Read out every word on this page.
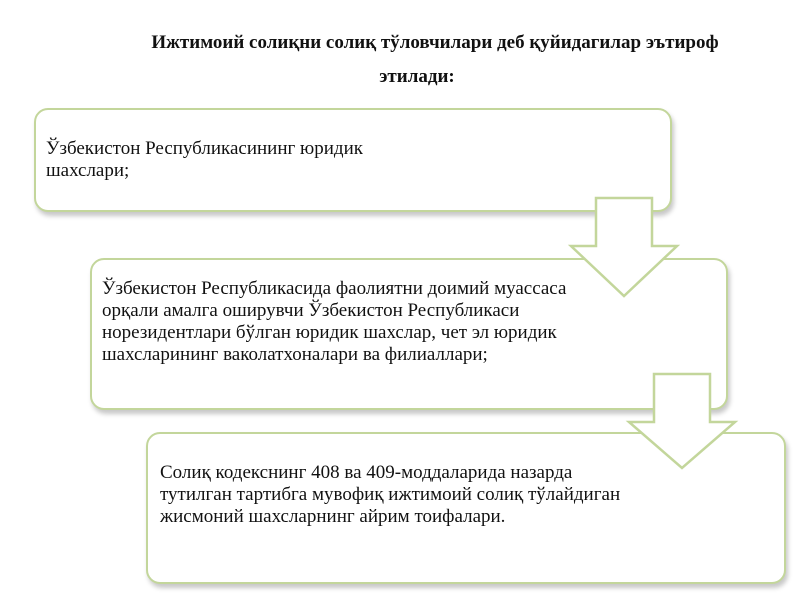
Ижтимоий солиқни солиқ тўловчилари деб қуйидагилар эътироф
этилади:
Ўзбекистон Республикасининг юридик шахслари;
Ўзбекистон Республикасида фаолиятни доимий муассаса орқали амалга оширувчи Ўзбекистон Республикаси норезидентлари бўлган юридик шахслар, чет эл юридик шахсларининг ваколатхоналари ва филиаллари;
Солиқ кодекснинг 408 ва 409-моддаларида назарда тутилган тартибга мувофиқ ижтимоий солиқ тўлайдиган жисмоний шахсларнинг айрим тоифалари.
